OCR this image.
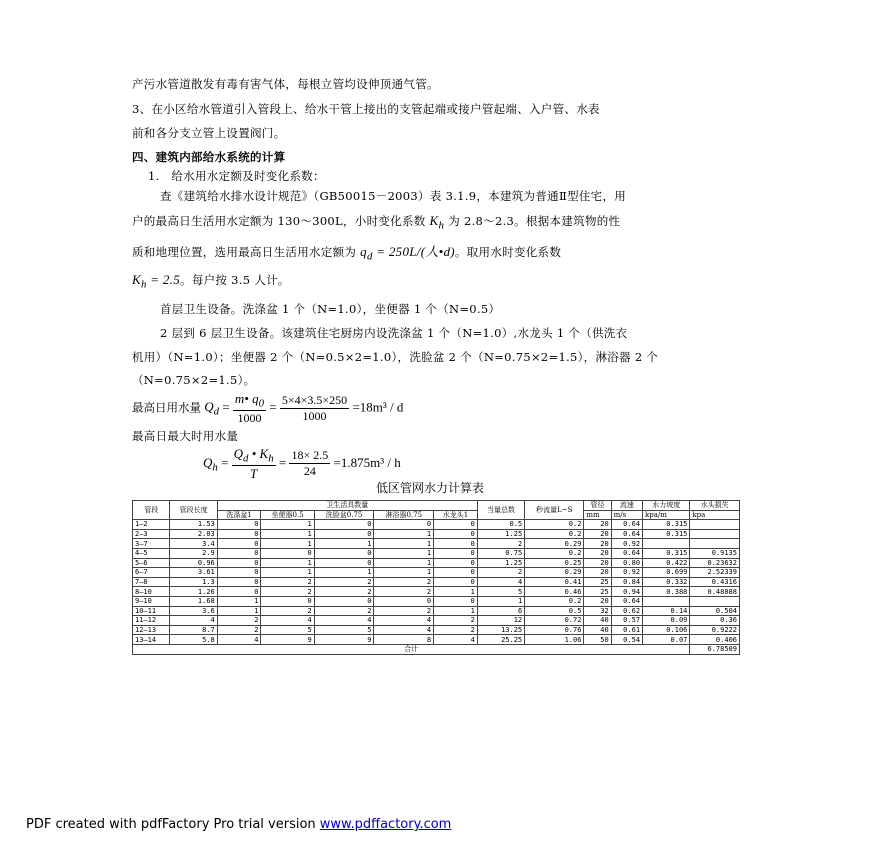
产污水管道散发有毒有害气体，每根立管均设伸顶通气管。
3、在小区给水管道引入管段上、给水干管上接出的支管起端或接户管起端、入户管、水表
前和各分支立管上设置阀门。
四、建筑内部给水系统的计算
1.　给水用水定额及时变化系数：
查《建筑给水排水设计规范》（GB50015－2003）表 3.1.9，本建筑为普通Ⅱ型住宅，用
户的最高日生活用水定额为 130～300L，小时变化系数 $K_h$ 为 2.8～2.3。根据本建筑物的性
质和地理位置，选用最高日生活用水定额为 $q_d = 250L/$(人•d)。取用水时变化系数
$K_h = 2.5$。每户按 3.5 人计。
首层卫生设备。洗涤盆 1 个（N=1.0），坐便器 1 个（N=0.5）
2 层到 6 层卫生设备。该建筑住宅厨房内设洗涤盆 1 个（N=1.0）,水龙头 1 个（供洗衣
机用）（N=1.0）；坐便器 2 个（N=0.5×2=1.0），洗脸盆 2 个（N=0.75×2=1.5），淋浴器 2 个
（N=0.75×2=1.5）。
最高日用水量 $Q_d = \frac{m• q_0}{1000} = \frac{5\times 4\times 3.5\times 250}{1000} =18m^3 / d$
最高日最大时用水量
$Q_h = \frac{Q_d • K_h}{T} = \frac{18\times 2.5}{24} =1.875m^3 / h$
低区管网水力计算表
管段	管段长度	卫生活具数量					当量总数	秒流量L~S	管径	流速	水力坡度	水头损失
		洗涤盆1	坐便器0.5	洗脸盆0.75	淋浴器0.75	水龙头1						
									mm	m/s	kpa/m	kpa
1—2	1.53	0	1	0	0	0	0.5	0.2	20	0.64	0.315	
2—3	2.03	0	1	0	1	0	1.25	0.2	20	0.64	0.315	
3—7	3.4	0	1	1	1	0	2	0.29	20	0.92		
4—5	2.9	0	0	0	1	0	0.75	0.2	20	0.64	0.315	0.9135
5—6	0.96	0	1	0	1	0	1.25	0.25	20	0.80	0.422	0.23632
6—7	3.61	0	1	1	1	0	2	0.29	20	0.92	0.699	2.52339
7—8	1.3	0	2	2	2	0	4	0.41	25	0.84	0.332	0.4316
8—10	1.26	0	2	2	2	1	5	0.46	25	0.94	0.388	0.48888
9—10	1.68	1	0	0	0	0	1	0.2	20	0.64		
10—11	3.6	1	2	2	2	1	6	0.5	32	0.62	0.14	0.504
11—12	4	2	4	4	4	2	12	0.72	40	0.57	0.09	0.36
12—13	8.7	2	5	5	4	2	13.25	0.76	40	0.61	0.106	0.9222
13—14	5.8	4	9	9	8	4	25.25	1.06	50	0.54	0.07	0.406
合计												6.78509
PDF created with pdfFactory Pro trial version www.pdffactory.com
